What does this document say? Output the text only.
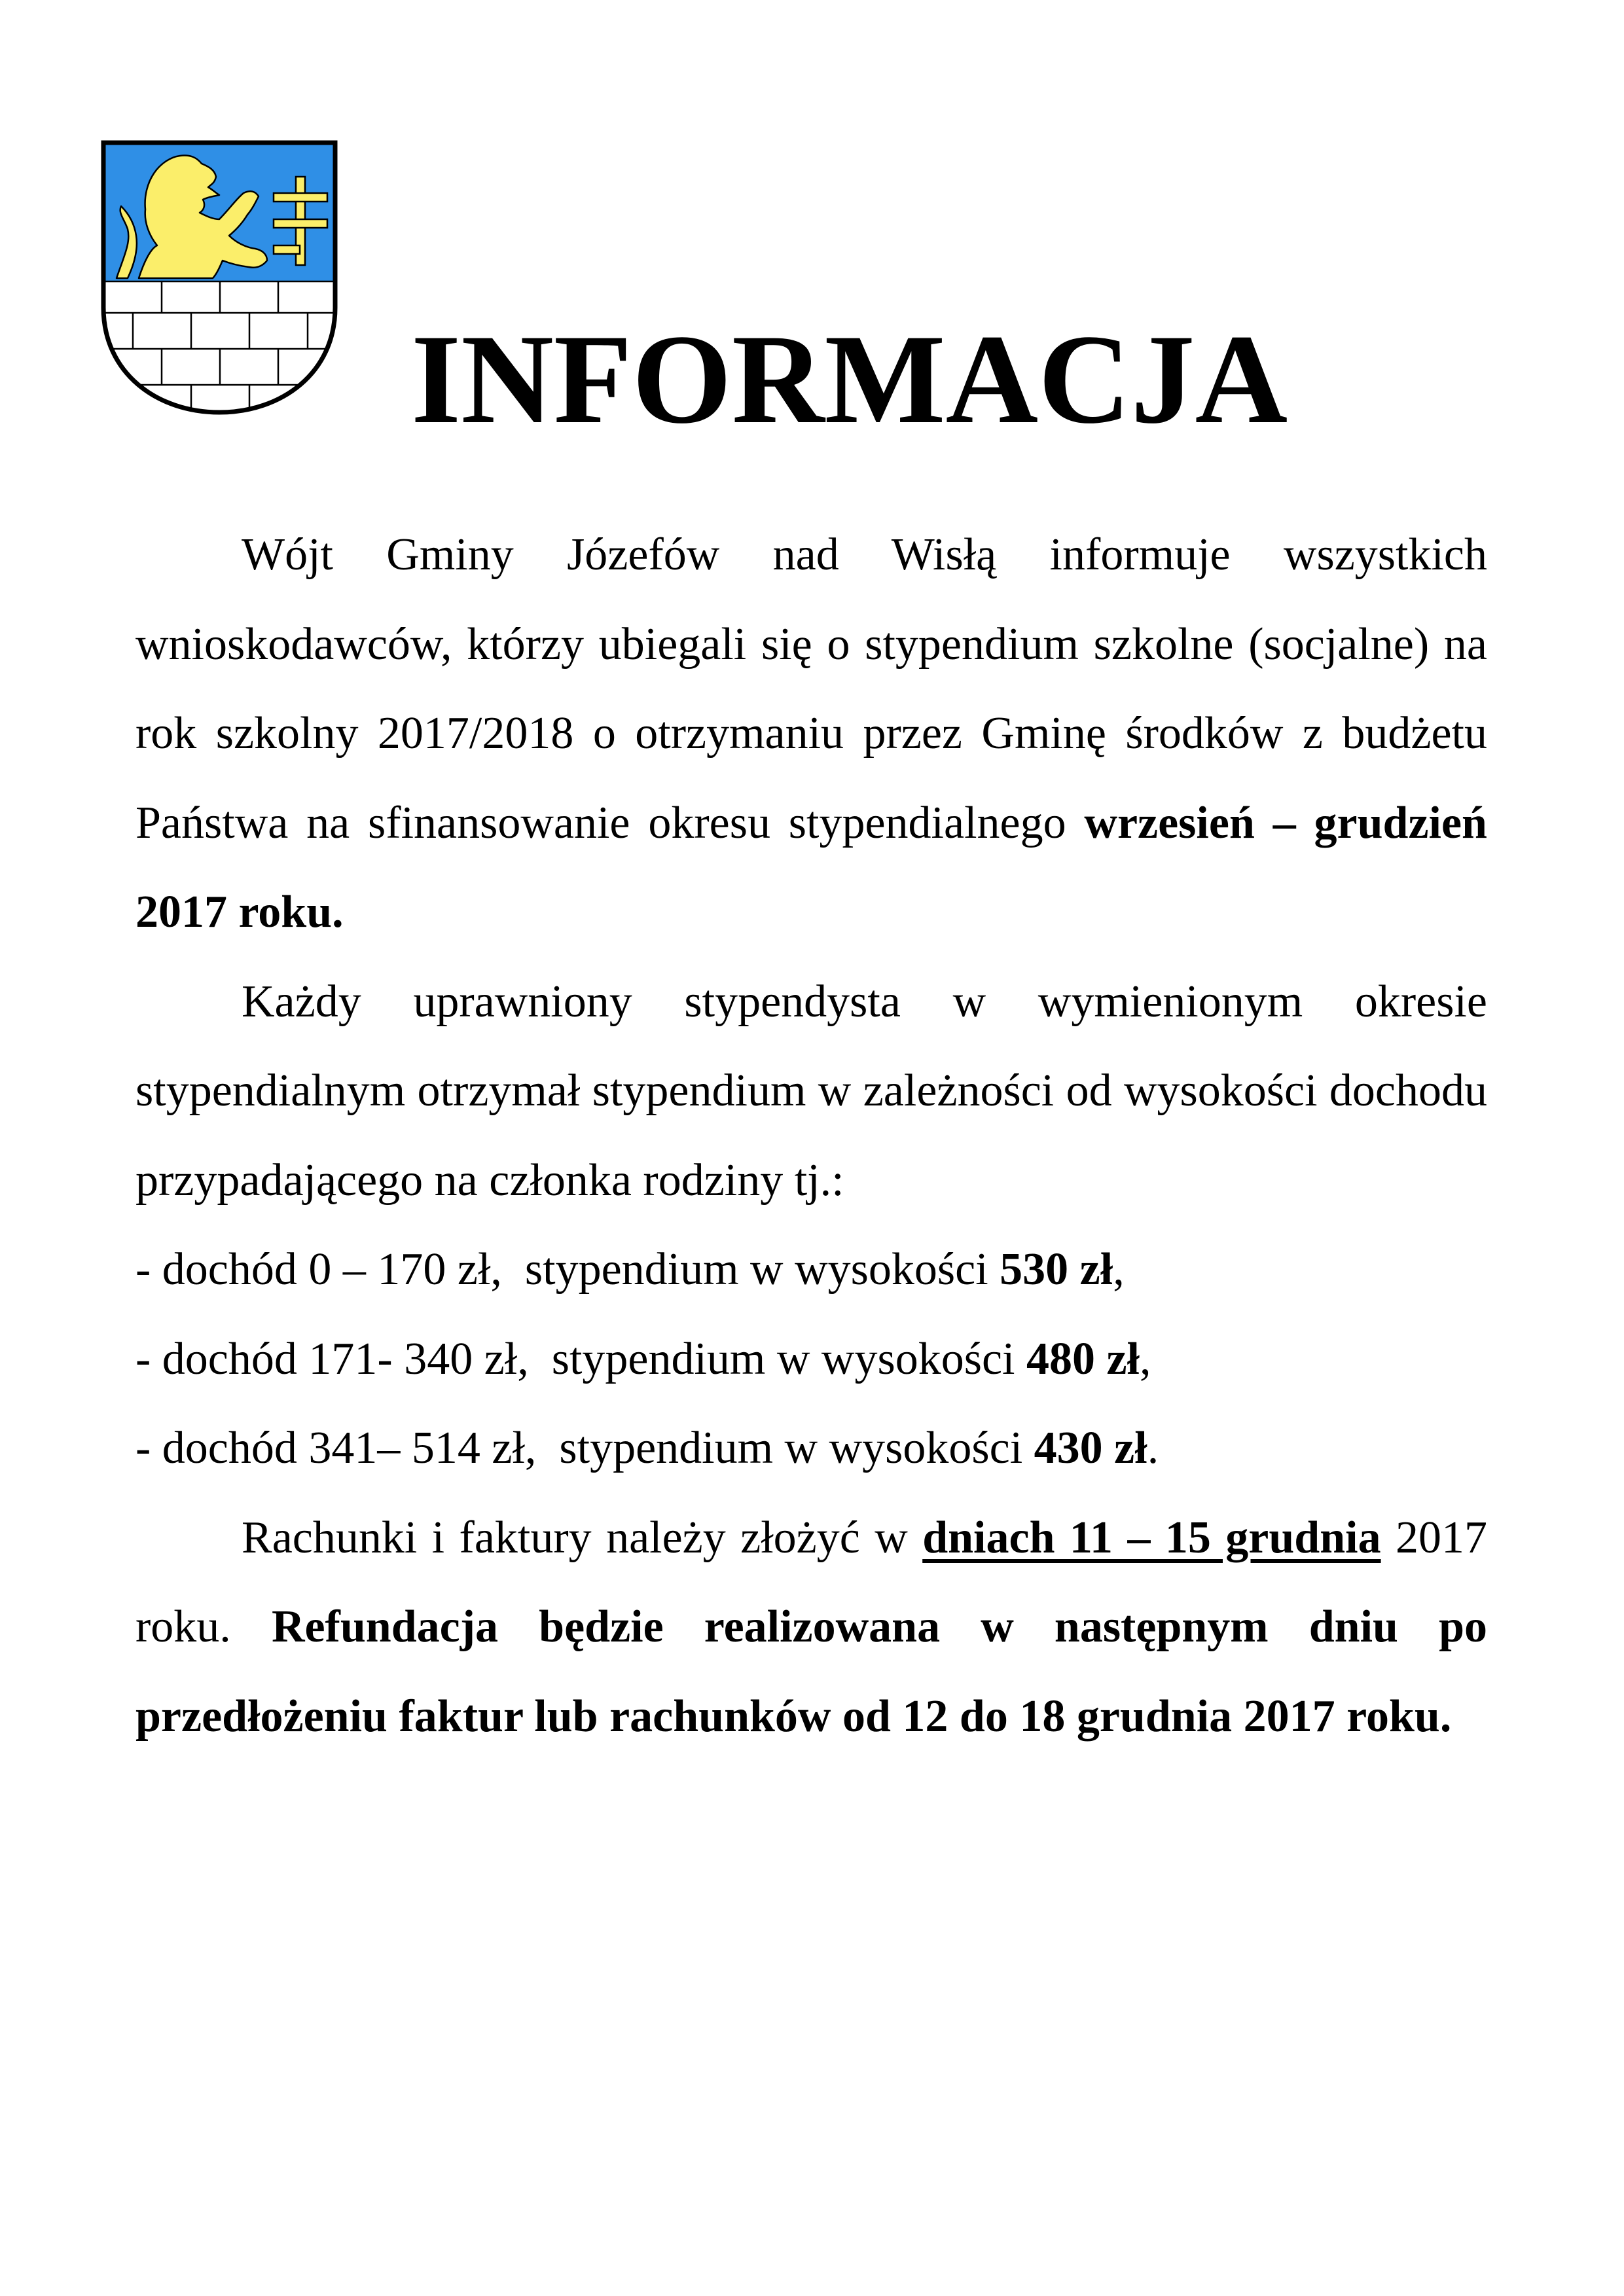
INFORMACJA

Wójt Gminy Józefów nad Wisłą informuje wszystkich wnioskodawców, którzy ubiegali się o stypendium szkolne (socjalne) na rok szkolny 2017/2018 o otrzymaniu przez Gminę środków z budżetu Państwa na sfinansowanie okresu stypendialnego wrzesień – grudzień 2017 roku.

Każdy uprawniony stypendysta w wymienionym okresie stypendialnym otrzymał stypendium w zależności od wysokości dochodu przypadającego na członka rodziny tj.:

- dochód 0 – 170 zł,  stypendium w wysokości 530 zł,
- dochód 171- 340 zł,  stypendium w wysokości 480 zł,
- dochód 341– 514 zł,  stypendium w wysokości 430 zł.

Rachunki i faktury należy złożyć w dniach 11 – 15 grudnia 2017 roku. Refundacja będzie realizowana w następnym dniu po przedłożeniu faktur lub rachunków od 12 do 18 grudnia 2017 roku.
